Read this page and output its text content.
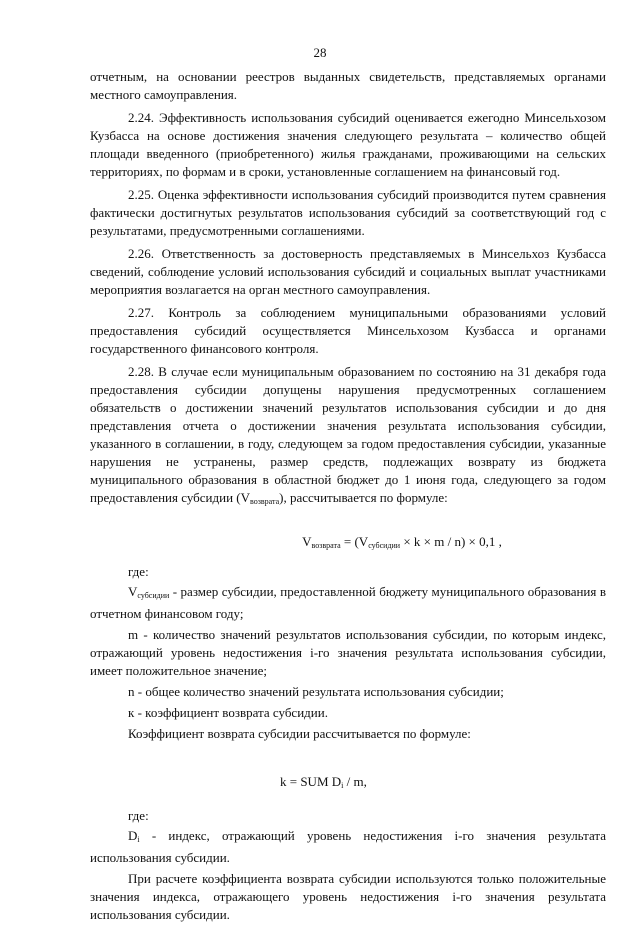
28

отчетным, на основании реестров выданных свидетельств, представляемых органами местного самоуправления.

2.24. Эффективность использования субсидий оценивается ежегодно Минсельхозом Кузбасса на основе достижения значения следующего результата – количество общей площади введенного (приобретенного) жилья гражданами, проживающими на сельских территориях, по формам и в сроки, установленные соглашением на финансовый год.

2.25. Оценка эффективности использования субсидий производится путем сравнения фактически достигнутых результатов использования субсидий за соответствующий год с результатами, предусмотренными соглашениями.

2.26. Ответственность за достоверность представляемых в Минсельхоз Кузбасса сведений, соблюдение условий использования субсидий и социальных выплат участниками мероприятия возлагается на орган местного самоуправления.

2.27. Контроль за соблюдением муниципальными образованиями условий предоставления субсидий осуществляется Минсельхозом Кузбасса и органами государственного финансового контроля.

2.28. В случае если муниципальным образованием по состоянию на 31 декабря года предоставления субсидии допущены нарушения предусмотренных соглашением обязательств о достижении значений результатов использования субсидии и до дня представления отчета о достижении значения результата использования субсидии, указанного в соглашении, в году, следующем за годом предоставления субсидии, указанные нарушения не устранены, размер средств, подлежащих возврату из бюджета муниципального образования в областной бюджет до 1 июня года, следующего за годом предоставления субсидии $(V_{возврата})$, рассчитывается по формуле:

$V_{возврата} = (V_{субсидии} \times k \times m / n) \times 0,1$ ,

где:

$V_{субсидии}$ - размер субсидии, предоставленной бюджету муниципального образования в отчетном финансовом году;

m - количество значений результатов использования субсидии, по которым индекс, отражающий уровень недостижения i-го значения результата использования субсидии, имеет положительное значение;

n - общее количество значений результата использования субсидии;

к - коэффициент возврата субсидии.

Коэффициент возврата субсидии рассчитывается по формуле:

k = SUM $D_i$ / m,

где:

$D_i$ - индекс, отражающий уровень недостижения i-го значения результата использования субсидии.

При расчете коэффициента возврата субсидии используются только положительные значения индекса, отражающего уровень недостижения i-го значения результата использования субсидии.
